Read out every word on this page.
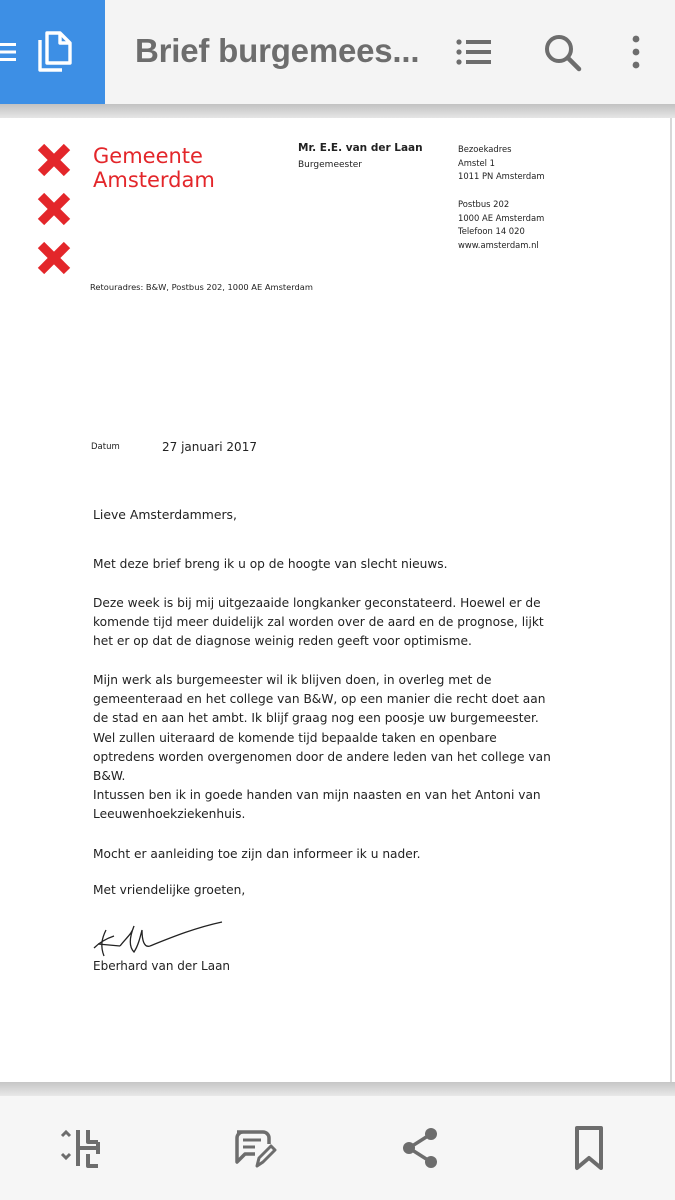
Brief burgemees...
Gemeente
Amsterdam
Mr. E.E. van der Laan
Burgemeester
Bezoekadres
Amstel 1
1011 PN Amsterdam
Postbus 202
1000 AE Amsterdam
Telefoon 14 020
www.amsterdam.nl
Retouradres: B&W, Postbus 202, 1000 AE Amsterdam
Datum	27 januari 2017
Lieve Amsterdammers,
Met deze brief breng ik u op de hoogte van slecht nieuws.
Deze week is bij mij uitgezaaide longkanker geconstateerd. Hoewel er de komende tijd meer duidelijk zal worden over de aard en de prognose, lijkt het er op dat de diagnose weinig reden geeft voor optimisme.
Mijn werk als burgemeester wil ik blijven doen, in overleg met de gemeenteraad en het college van B&W, op een manier die recht doet aan de stad en aan het ambt. Ik blijf graag nog een poosje uw burgemeester. Wel zullen uiteraard de komende tijd bepaalde taken en openbare optredens worden overgenomen door de andere leden van het college van B&W.
Intussen ben ik in goede handen van mijn naasten en van het Antoni van Leeuwenhoekziekenhuis.
Mocht er aanleiding toe zijn dan informeer ik u nader.
Met vriendelijke groeten,
Eberhard van der Laan
